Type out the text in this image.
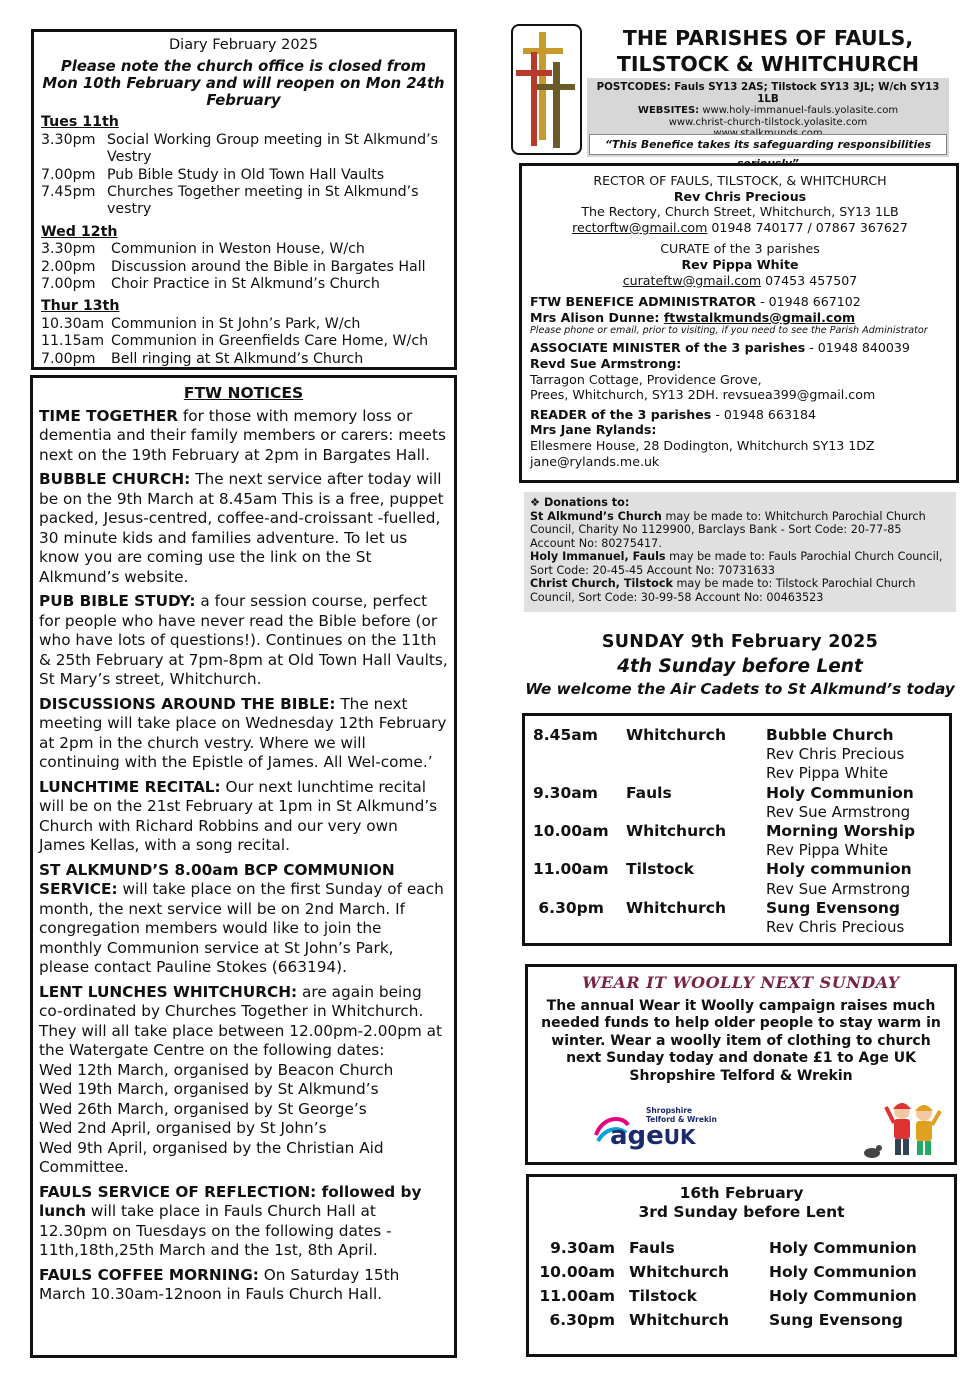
Diary February 2025
Please note the church office is closed from Mon 10th February and will reopen on Mon 24th February
Tues 11th
3.30pm Social Working Group meeting in St Alkmund’s Vestry
7.00pm Pub Bible Study in Old Town Hall Vaults
7.45pm Churches Together meeting in St Alkmund’s vestry
Wed 12th
3.30pm	Communion in Weston House, W/ch
2.00pm	Discussion around the Bible in Bargates Hall
7.00pm	Choir Practice in St Alkmund’s Church
Thur 13th
10.30am Communion in St John’s Park, W/ch
11.15am Communion in Greenfields Care Home, W/ch
7.00pm	Bell ringing at St Alkmund’s Church
FTW NOTICES

TIME TOGETHER for those with memory loss or dementia and their family members or carers: meets next on the 19th February at 2pm in Bargates Hall.

BUBBLE CHURCH: The next service after today will be on the 9th March at 8.45am This is a free, puppet packed, Jesus-centred, coffee-and-croissant -fuelled, 30 minute kids and families adventure. To let us know you are coming use the link on the St Alkmund’s website.

PUB BIBLE STUDY: a four session course, perfect for people who have never read the Bible before (or who have lots of questions!). Continues on the 11th & 25th February at 7pm-8pm at Old Town Hall Vaults, St Mary’s street, Whitchurch.

DISCUSSIONS AROUND THE BIBLE: The next meeting will take place on Wednesday 12th February at 2pm in the church vestry. Where we will continuing with the Epistle of James. All Wel-come.’

LUNCHTIME RECITAL: Our next lunchtime recital will be on the 21st February at 1pm in St Alkmund’s Church with Richard Robbins and our very own James Kellas, with a song recital.

ST ALKMUND’S 8.00am BCP COMMUNION SERVICE: will take place on the first Sunday of each month, the next service will be on 2nd March. If congregation members would like to join the monthly Communion service at St John’s Park, please contact Pauline Stokes (663194).

LENT LUNCHES WHITCHURCH: are again being co-ordinated by Churches Together in Whitchurch. They will all take place between 12.00pm-2.00pm at the Watergate Centre on the following dates:

Wed 12th March, organised by Beacon Church
Wed 19th March, organised by St Alkmund’s
Wed 26th March, organised by St George’s
Wed 2nd April, organised by St John’s

Wed 9th April, organised by the Christian Aid Committee.

FAULS SERVICE OF REFLECTION: followed by lunch will take place in Fauls Church Hall at 12.30pm on Tuesdays on the following dates - 11th,18th,25th March and the 1st, 8th April.

FAULS COFFEE MORNING: On Saturday 15th March 10.30am-12noon in Fauls Church Hall.

THE PARISHES OF FAULS,
TILSTOCK & WHITCHURCH
POSTCODES: Fauls SY13 2AS; Tilstock SY13 3JL; W/ch SY13 1LB
WEBSITES: www.holy-immanuel-fauls.yolasite.com
www.christ-church-tilstock.yolasite.com
“This Benefice takes its safeguarding responsibilities
RECTOR OF FAULS, TILSTOCK, & WHITCHURCH
Rev Chris Precious
The Rectory, Church Street, Whitchurch, SY13 1LB
rectorftw@gmail.com 01948 740177 / 07867 367627
CURATE of the 3 parishes
Rev Pippa White
curateftw@gmail.com 07453 457507
FTW BENEFICE ADMINISTRATOR - 01948 667102
Mrs Alison Dunne: ftwstalkmunds@gmail.com
Please phone or email, prior to visiting, if you need to see the Parish Administrator
ASSOCIATE MINISTER of the 3 parishes - 01948 840039
Revd Sue Armstrong:
Tarragon Cottage, Providence Grove,
Prees, Whitchurch, SY13 2DH. revsuea399@gmail.com
READER of the 3 parishes - 01948 663184
Mrs Jane Rylands:
Ellesmere House, 28 Dodington, Whitchurch SY13 1DZ
jane@rylands.me.uk
❖ Donations to:
St Alkmund’s Church may be made to: Whitchurch Parochial Church Council, Charity No 1129900, Barclays Bank - Sort Code: 20-77-85 Account No: 80275417.
Holy Immanuel, Fauls may be made to: Fauls Parochial Church Council, Sort Code: 20-45-45 Account No: 70731633
Christ Church, Tilstock may be made to: Tilstock Parochial Church Council, Sort Code: 30-99-58 Account No: 00463523
SUNDAY 9th February 2025
4th Sunday before Lent
We welcome the Air Cadets to St Alkmund’s today
8.45am	Whitchurch	Bubble Church
Rev Chris Precious
Rev Pippa White
9.30am	Fauls	Holy Communion
Rev Sue Armstrong
10.00am	Whitchurch	Morning Worship
Rev Pippa White
11.00am	Tilstock	Holy communion
Rev Sue Armstrong
6.30pm	Whitchurch	Sung Evensong
Rev Chris Precious
WEAR IT WOOLLY NEXT SUNDAY
The annual Wear it Woolly campaign raises much needed funds to help older people to stay warm in winter. Wear a woolly item of clothing to church next Sunday today and donate £1 to Age UK Shropshire Telford & Wrekin
Shropshire
Telford & Wrekin
ageUK
16th February
3rd Sunday before Lent
9.30am Fauls	Holy Communion
10.00am Whitchurch	Holy Communion
11.00am Tilstock	Holy Communion
6.30pm Whitchurch	Sung Evensong
